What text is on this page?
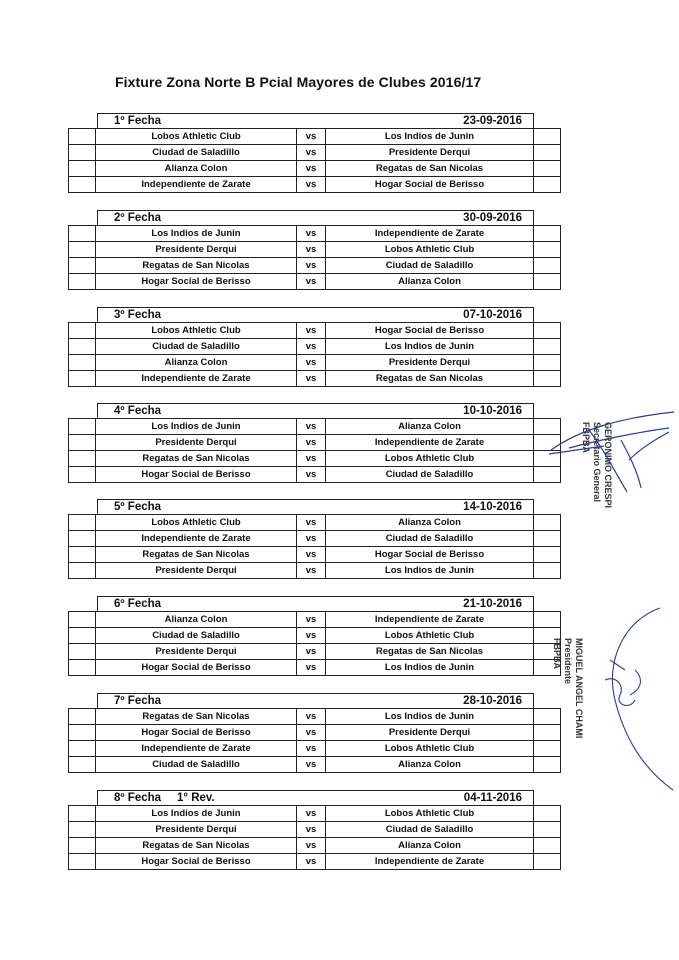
Fixture Zona Norte B Pcial Mayores de Clubes 2016/17
1º Fecha	23-09-2016
	Lobos Athletic Club	vs	Los Indios de Junin	
	Ciudad de Saladillo	vs	Presidente Derqui	
	Alianza Colon	vs	Regatas de San Nicolas	
	Independiente de Zarate	vs	Hogar Social de Berisso	
2º Fecha	30-09-2016
	Los Indios de Junin	vs	Independiente de Zarate	
	Presidente Derqui	vs	Lobos Athletic Club	
	Regatas de San Nicolas	vs	Ciudad de Saladillo	
	Hogar Social de Berisso	vs	Alianza Colon	
3º Fecha	07-10-2016
	Lobos Athletic Club	vs	Hogar Social de Berisso	
	Ciudad de Saladillo	vs	Los Indios de Junin	
	Alianza Colon	vs	Presidente Derqui	
	Independiente de Zarate	vs	Regatas de San Nicolas	
4º Fecha	10-10-2016
	Los Indios de Junin	vs	Alianza Colon	
	Presidente Derqui	vs	Independiente de Zarate	
	Regatas de San Nicolas	vs	Lobos Athletic Club	
	Hogar Social de Berisso	vs	Ciudad de Saladillo	
5º Fecha	14-10-2016
	Lobos Athletic Club	vs	Alianza Colon	
	Independiente de Zarate	vs	Ciudad de Saladillo	
	Regatas de San Nicolas	vs	Hogar Social de Berisso	
	Presidente Derqui	vs	Los Indios de Junin	
6º Fecha	21-10-2016
	Alianza Colon	vs	Independiente de Zarate	
	Ciudad de Saladillo	vs	Lobos Athletic Club	
	Presidente Derqui	vs	Regatas de San Nicolas	
	Hogar Social de Berisso	vs	Los Indios de Junin	
7º Fecha	28-10-2016
	Regatas de San Nicolas	vs	Los Indios de Junin	
	Hogar Social de Berisso	vs	Presidente Derqui	
	Independiente de Zarate	vs	Lobos Athletic Club	
	Ciudad de Saladillo	vs	Alianza Colon	
8º Fecha     1° Rev.	04-11-2016
	Los Indios de Junin	vs	Lobos Athletic Club	
	Presidente Derqui	vs	Ciudad de Saladillo	
	Regatas de San Nicolas	vs	Alianza Colon	
	Hogar Social de Berisso	vs	Independiente de Zarate	
GERONIMO CRESPI
Secretario General
FBPBA
MIGUEL ANGEL CHAMI
Presidente
FBPBA
